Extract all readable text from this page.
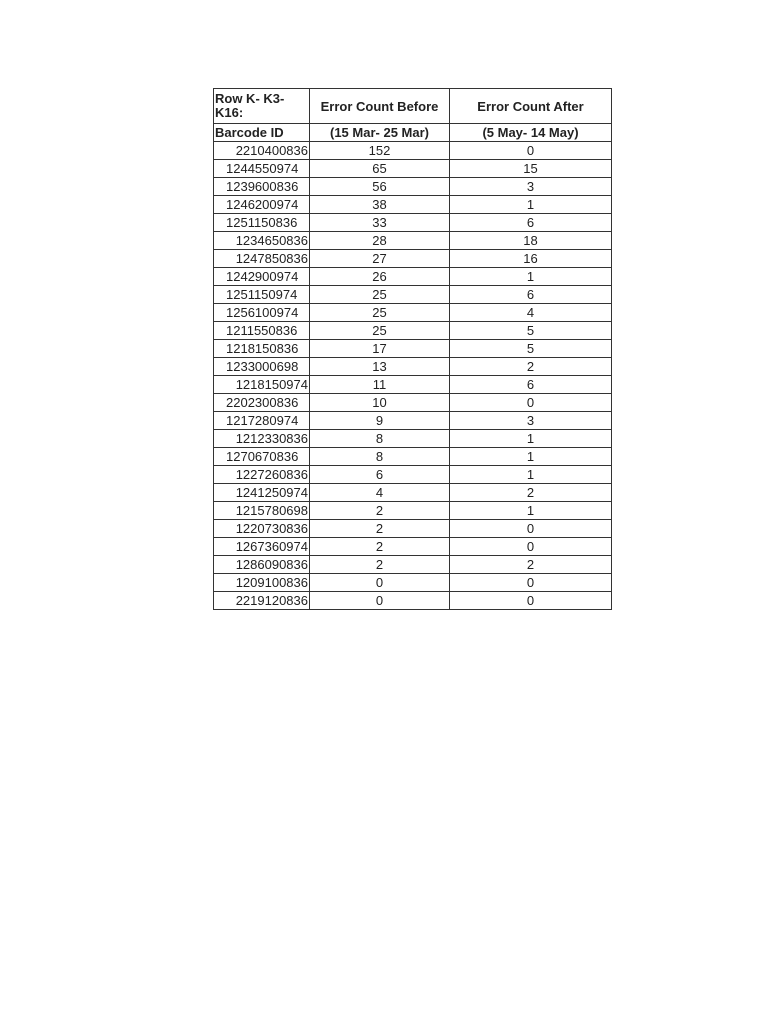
Row K- K3-K16:	Error Count Before	Error Count After
Barcode ID	(15 Mar- 25 Mar)	(5 May- 14 May)
2210400836	152	0
1244550974	65	15
1239600836	56	3
1246200974	38	1
1251150836	33	6
1234650836	28	18
1247850836	27	16
1242900974	26	1
1251150974	25	6
1256100974	25	4
1211550836	25	5
1218150836	17	5
1233000698	13	2
1218150974	11	6
2202300836	10	0
1217280974	9	3
1212330836	8	1
1270670836	8	1
1227260836	6	1
1241250974	4	2
1215780698	2	1
1220730836	2	0
1267360974	2	0
1286090836	2	2
1209100836	0	0
2219120836	0	0
